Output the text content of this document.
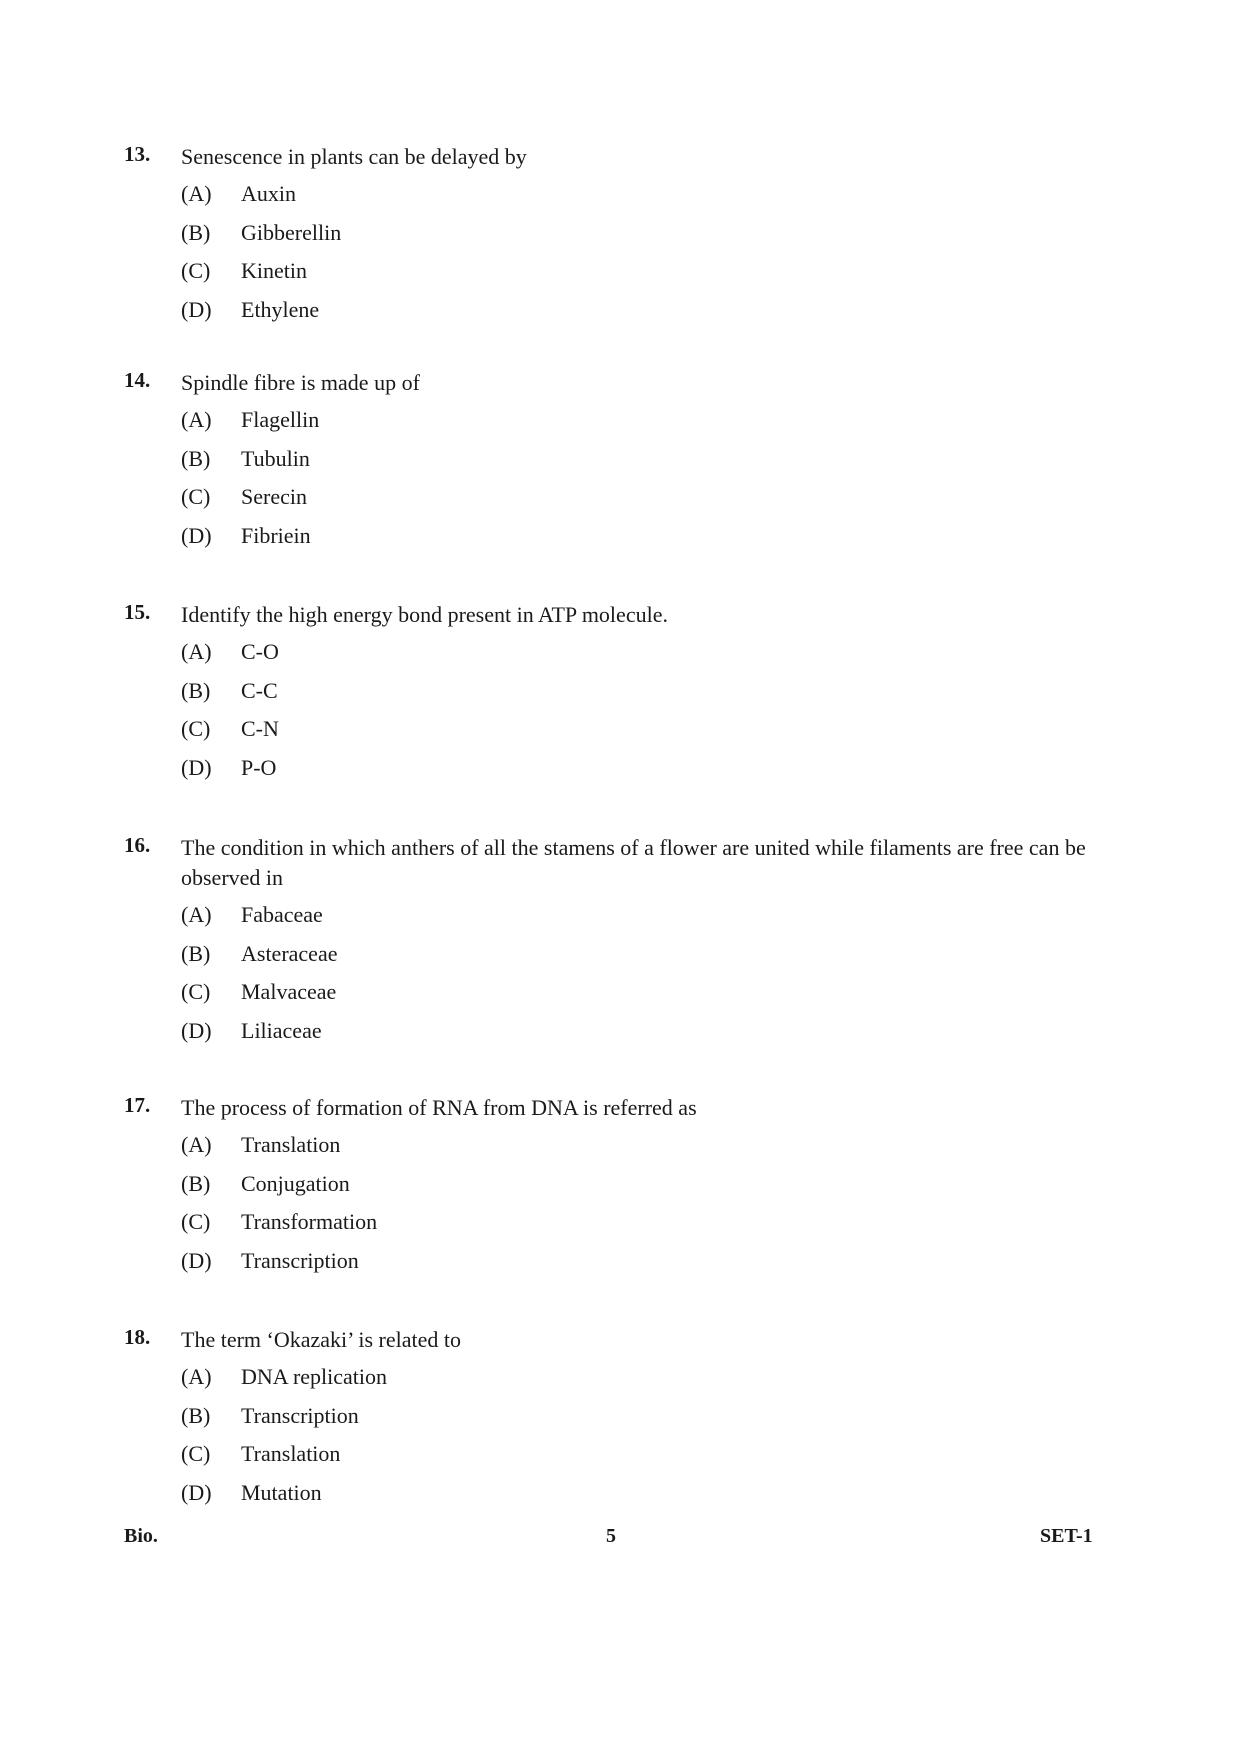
13. Senescence in plants can be delayed by
(A) Auxin
(B) Gibberellin
(C) Kinetin
(D) Ethylene
14. Spindle fibre is made up of
(A) Flagellin
(B) Tubulin
(C) Serecin
(D) Fibriein
15. Identify the high energy bond present in ATP molecule.
(A) C-O
(B) C-C
(C) C-N
(D) P-O
16. The condition in which anthers of all the stamens of a flower are united while filaments are free can be observed in
(A) Fabaceae
(B) Asteraceae
(C) Malvaceae
(D) Liliaceae
17. The process of formation of RNA from DNA is referred as
(A) Translation
(B) Conjugation
(C) Transformation
(D) Transcription
18. The term ‘Okazaki’ is related to
(A) DNA replication
(B) Transcription
(C) Translation
(D) Mutation
Bio.	5	SET-1
